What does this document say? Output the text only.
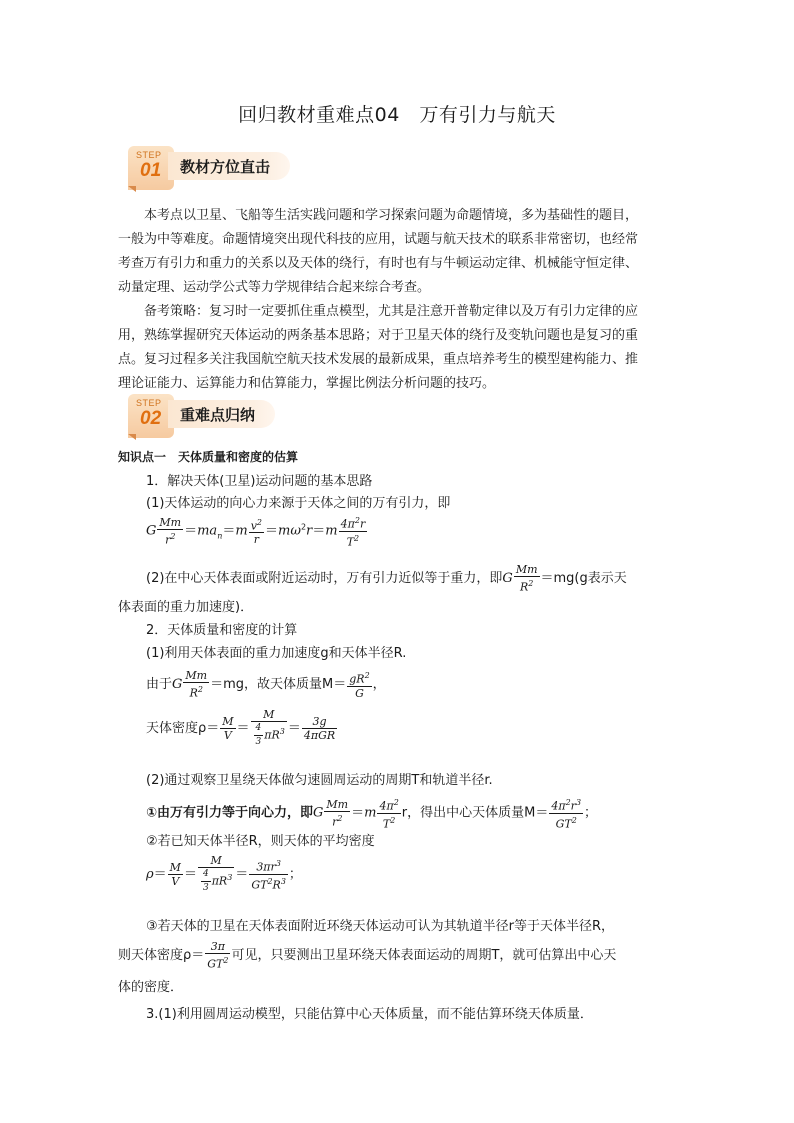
回归教材重难点04　万有引力与航天
STEP
01 教材方位直击
本考点以卫星、飞船等生活实践问题和学习探索问题为命题情境，多为基础性的题目，
一般为中等难度。命题情境突出现代科技的应用，试题与航天技术的联系非常密切，也经常
考查万有引力和重力的关系以及天体的绕行，有时也有与牛顿运动定律、机械能守恒定律、
动量定理、运动学公式等力学规律结合起来综合考查。
备考策略：复习时一定要抓住重点模型，尤其是注意开普勒定律以及万有引力定律的应
用，熟练掌握研究天体运动的两条基本思路；对于卫星天体的绕行及变轨问题也是复习的重
点。复习过程多关注我国航空航天技术发展的最新成果，重点培养考生的模型建构能力、推
理论证能力、运算能力和估算能力，掌握比例法分析问题的技巧。
STEP
02 重难点归纳
知识点一　天体质量和密度的估算
1．解决天体(卫星)运动问题的基本思路
(1)天体运动的向心力来源于天体之间的万有引力，即
G $\frac{Mm}{r^2} =ma_n=m \frac{v^2}{r} =m\omega^2r=m \frac{4\pi^2r}{T^2}$
(2)在中心天体表面或附近运动时，万有引力近似等于重力，即G $\frac{Mm}{R^2} =mg(g$表示天
体表面的重力加速度)．
2．天体质量和密度的计算
(1)利用天体表面的重力加速度g和天体半径R.
由于G $\frac{Mm}{R^2} =mg$，故天体质量$M= \frac{gR^2}{G}$ ，
天体密度$\rho= \frac{M}{V} = \frac{M}{\frac{4}{3} \pi R^3} = \frac{3g}{\text{4πGR}}$
(2)通过观察卫星绕天体做匀速圆周运动的周期T和轨道半径r.
①由万有引力等于向心力，即G $\frac{Mm}{r^2} =m \frac{4\pi^2}{T^2}$ r，得出中心天体质量$M= \frac{4\pi^2r^3}{GT^2}$ ；
②若已知天体半径R，则天体的平均密度
$\rho= \frac{M}{V} = \frac{M}{\frac{4}{3} \pi R^3} = \frac{3\pi r^3}{GT^2R^3}$ ；
③若天体的卫星在天体表面附近环绕天体运动可认为其轨道半径r等于天体半径R，
则天体密度$\rho= \frac{3\pi}{GT^2}$ 可见，只要测出卫星环绕天体表面运动的周期T，就可估算出中心天
体的密度．
3.(1)利用圆周运动模型，只能估算中心天体质量，而不能估算环绕天体质量．
